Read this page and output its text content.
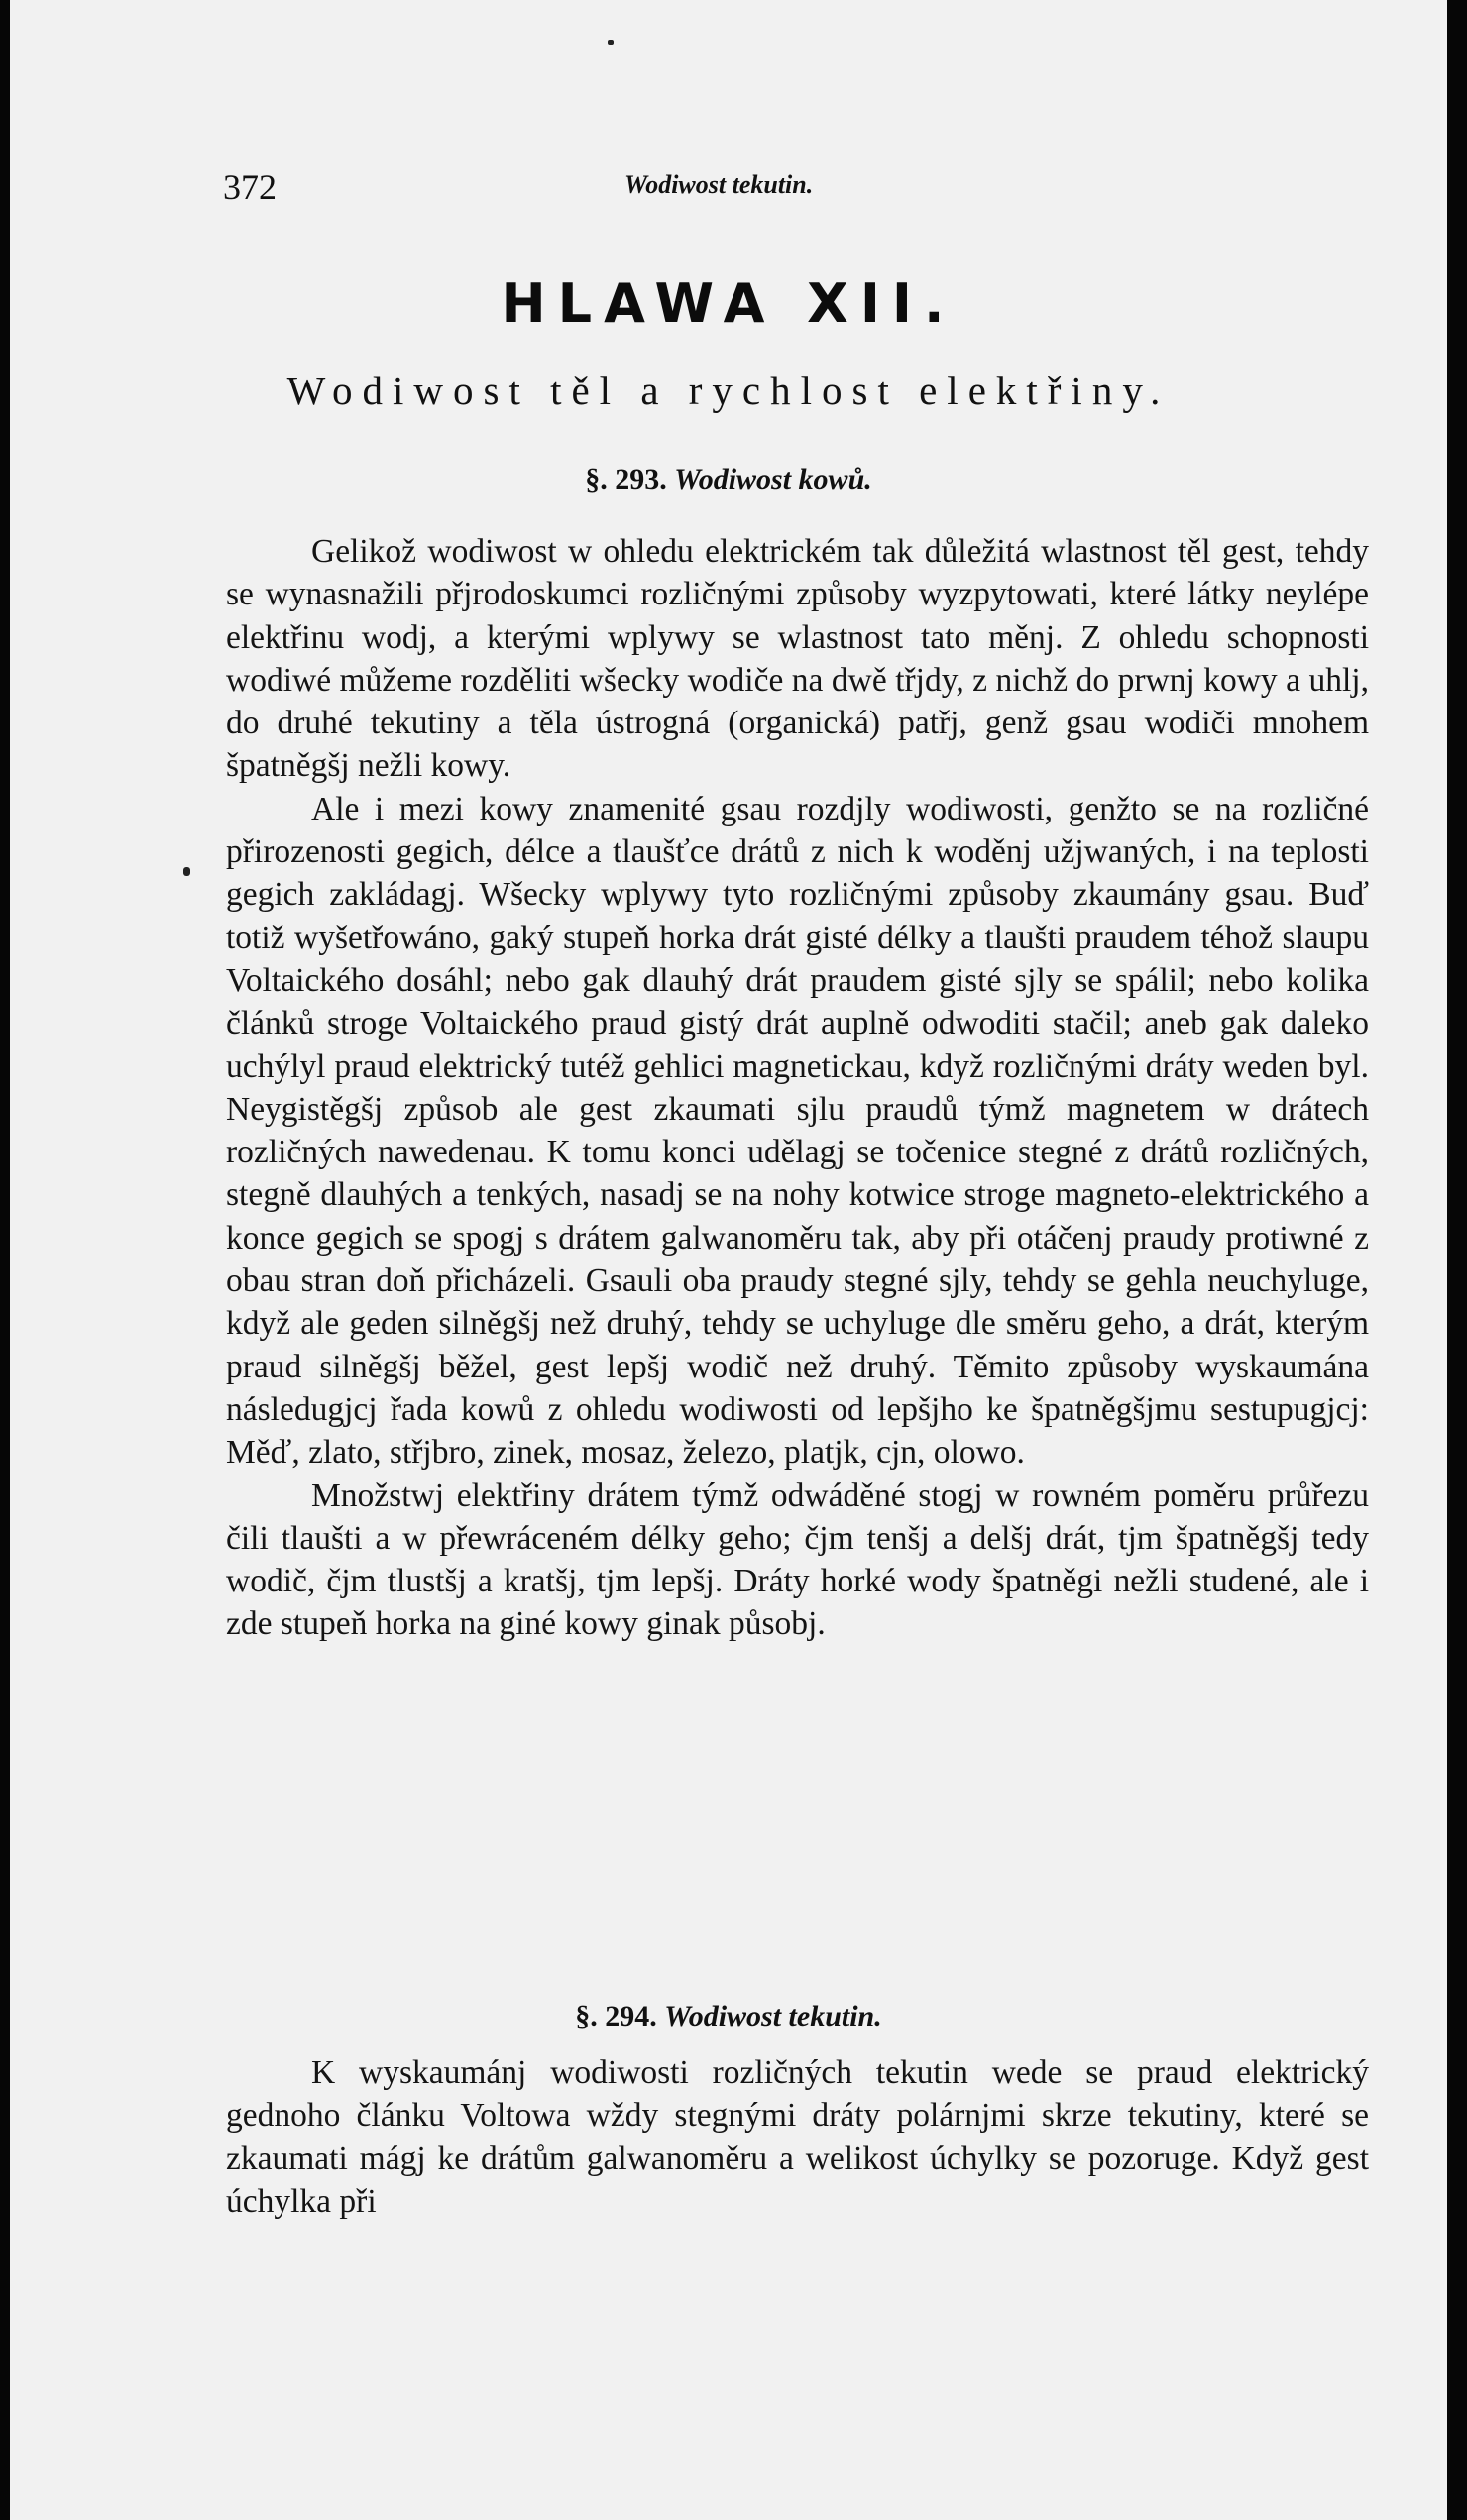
372	Wodiwost tekutin.
HLAWA XII.
Wodiwost těl a rychlost elektřiny.
§. 293. Wodiwost kowů.

Gelikož wodiwost w ohledu elektrickém tak důležitá wlastnost těl gest, tehdy se wynasnažili přjrodoskumci rozličnými způsoby wyzpytowati, které látky neylépe elektřinu wodj, a kterými wplywy se wlastnost tato měnj. Z ohledu schopnosti wodiwé můžeme rozděliti wšecky wodiče na dwě třjdy, z nichž do prwnj kowy a uhlj, do druhé tekutiny a těla ústrogná (organická) patřj, genž gsau wodiči mnohem špatněgšj nežli kowy.

Ale i mezi kowy znamenité gsau rozdjly wodiwosti, genžto se na rozličné přirozenosti gegich, délce a tlaušťce drátů z nich k woděnj užjwaných, i na teplosti gegich zakládagj. Wšecky wplywy tyto rozličnými způsoby zkaumány gsau. Buď totiž wyšetřowáno, gaký stupeň horka drát gisté délky a tlaušti praudem téhož slaupu Voltaického dosáhl; nebo gak dlauhý drát praudem gisté sjly se spálil; nebo kolika článků stroge Voltaického praud gistý drát auplně odwoditi stačil; aneb gak daleko uchýlyl praud elektrický tutéž gehlici magnetickau, když rozličnými dráty weden byl. Neygistěgšj způsob ale gest zkaumati sjlu praudů týmž magnetem w drátech rozličných nawedenau. K tomu konci udělagj se točenice stegné z drátů rozličných, stegně dlauhých a tenkých, nasadj se na nohy kotwice stroge magneto-elektrického a konce gegich se spogj s drátem galwanoměru tak, aby při otáčenj praudy protiwné z obau stran doň přicházeli. Gsauli oba praudy stegné sjly, tehdy se gehla neuchyluge, když ale geden silněgšj než druhý, tehdy se uchyluge dle směru geho, a drát, kterým praud silněgšj běžel, gest lepšj wodič než druhý. Těmito způsoby wyskaumána následugjcj řada kowů z ohledu wodiwosti od lepšjho ke špatněgšjmu sestupugjcj: Měď, zlato, střjbro, zinek, mosaz, železo, platjk, cjn, olowo.

Množstwj elektřiny drátem týmž odwáděné stogj w rowném poměru průřezu čili tlaušti a w přewráceném délky geho; čjm tenšj a delšj drát, tjm špatněgšj tedy wodič, čjm tlustšj a kratšj, tjm lepšj. Dráty horké wody špatněgi nežli studené, ale i zde stupeň horka na giné kowy ginak působj.

§. 294. Wodiwost tekutin.

K wyskaumánj wodiwosti rozličných tekutin wede se praud elektrický gednoho článku Voltowa wždy stegnými dráty polárnjmi skrze tekutiny, které se zkaumati mágj ke drátům galwanoměru a welikost úchylky se pozoruge. Když gest úchylka při
